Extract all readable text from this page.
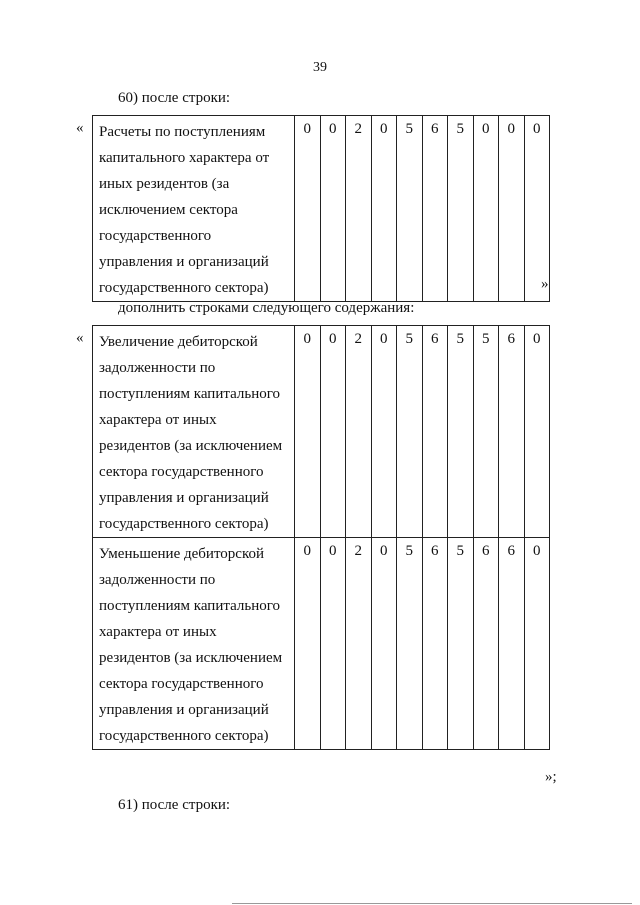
39
60) после строки:
« Расчеты по поступлениям капитального характера от иных резидентов (за исключением сектора государственного управления и организаций государственного сектора)	0	0	2	0	5	6	5	0	0	0
»
дополнить строками следующего содержания:
« Увеличение дебиторской задолженности по поступлениям капитального характера от иных резидентов (за исключением сектора государственного управления и организаций государственного сектора)	0	0	2	0	5	6	5	5	6	0
Уменьшение дебиторской задолженности по поступлениям капитального характера от иных резидентов (за исключением сектора государственного управления и организаций государственного сектора)	0	0	2	0	5	6	5	6	6	0
»;
61) после строки:
